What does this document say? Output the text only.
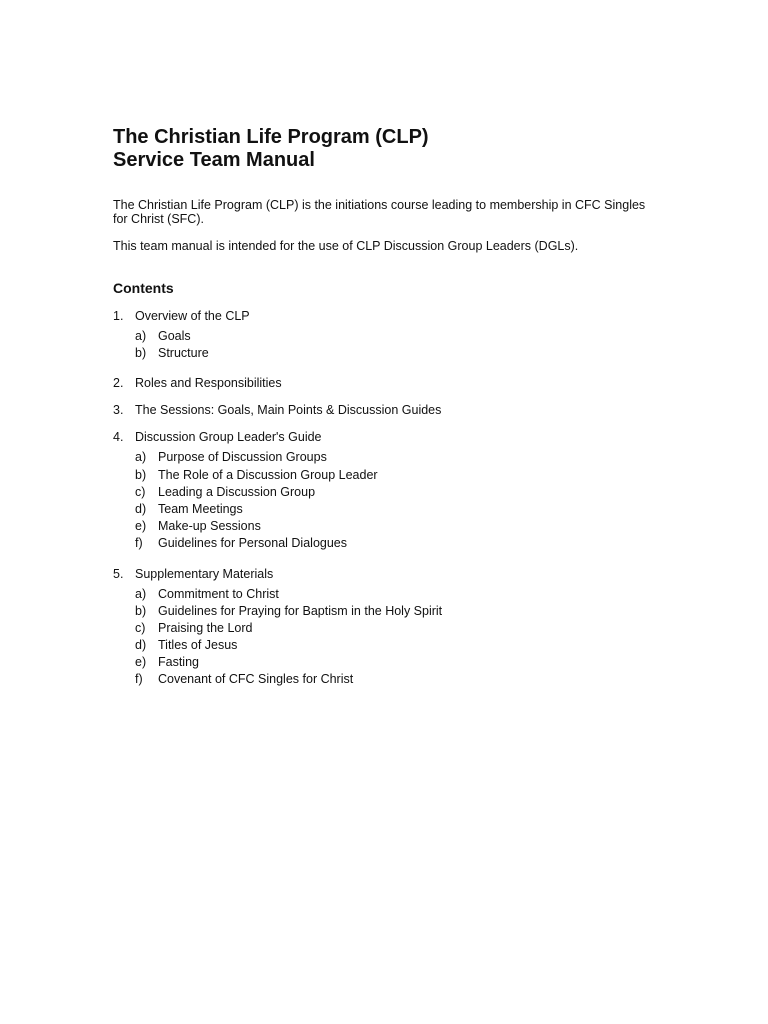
The Christian Life Program (CLP)
Service Team Manual

The Christian Life Program (CLP) is the initiations course leading to membership in CFC Singles for Christ (SFC).

This team manual is intended for the use of CLP Discussion Group Leaders (DGLs).

Contents
1. Overview of the CLP
a) Goals
b) Structure
2. Roles and Responsibilities
3. The Sessions: Goals, Main Points & Discussion Guides
4. Discussion Group Leader's Guide
a) Purpose of Discussion Groups
b) The Role of a Discussion Group Leader
c)	Leading a Discussion Group
d) Team Meetings
e) Make-up Sessions
f)	Guidelines for Personal Dialogues
5. Supplementary Materials
a) Commitment to Christ
b) Guidelines for Praying for Baptism in the Holy Spirit
c)	Praising the Lord
d) Titles of Jesus
e) Fasting
f)	Covenant of CFC Singles for Christ
